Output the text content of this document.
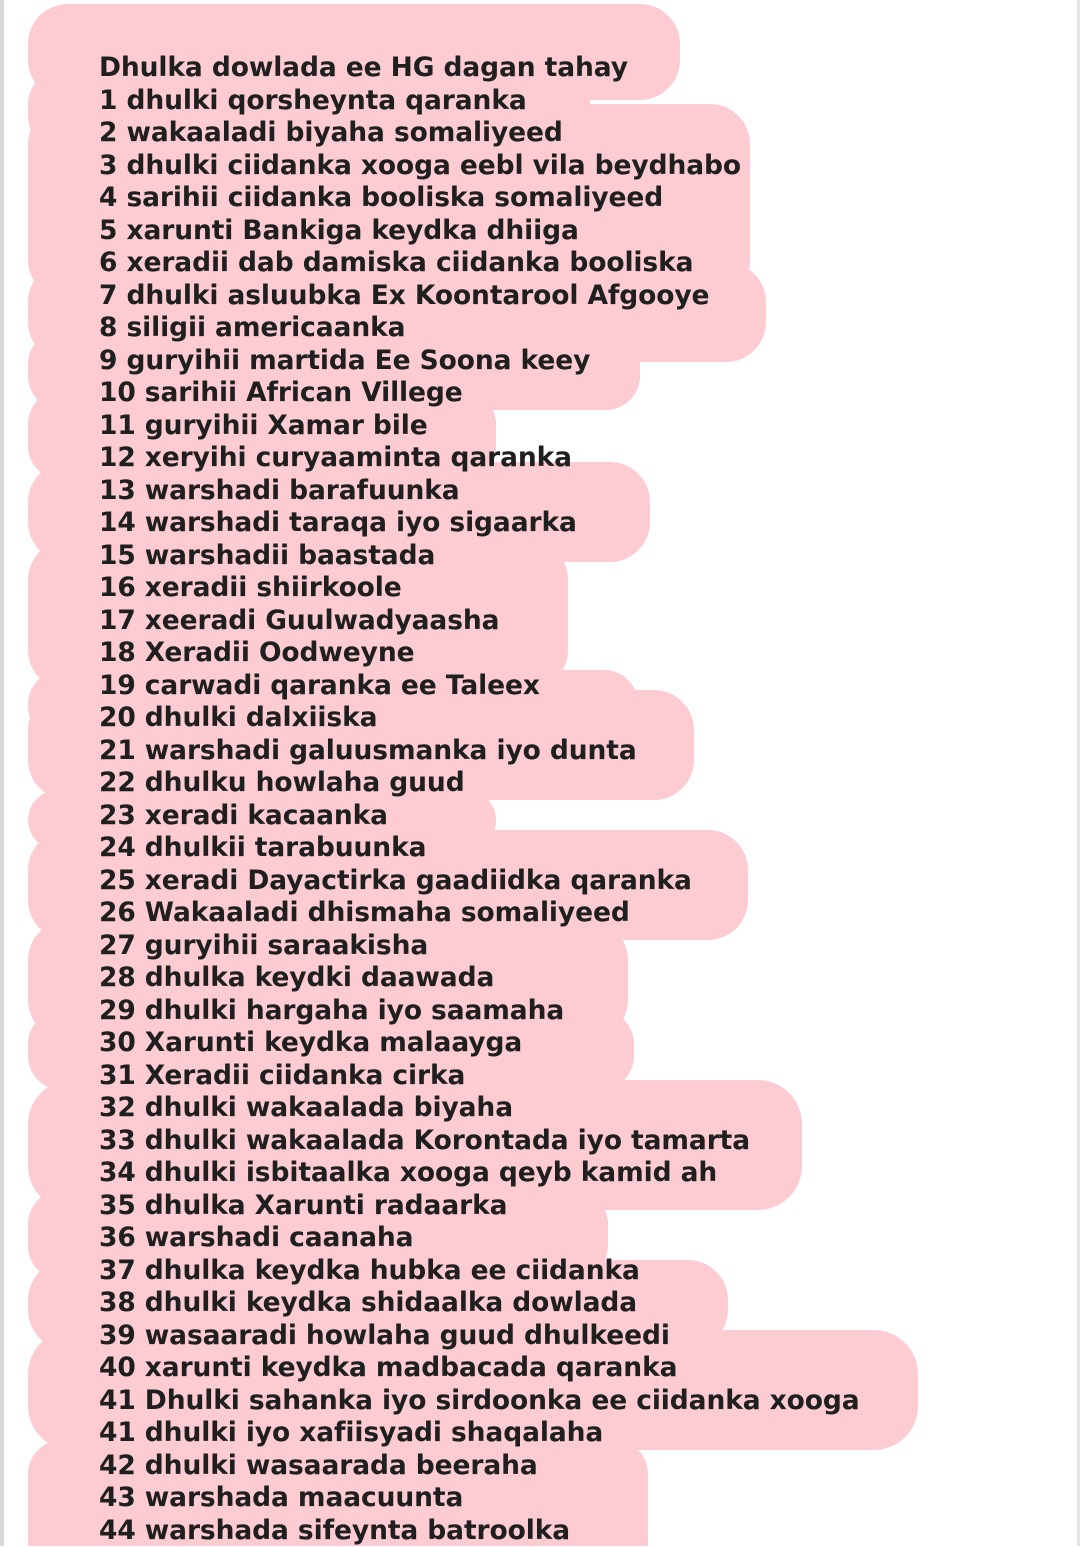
Dhulka dowlada ee HG dagan tahay
1 dhulki qorsheynta qaranka
2 wakaaladi biyaha somaliyeed
3 dhulki ciidanka xooga eebl vila beydhabo
4 sarihii ciidanka booliska somaliyeed
5 xarunti Bankiga keydka dhiiga
6 xeradii dab damiska ciidanka booliska
7 dhulki asluubka Ex Koontarool Afgooye
8 siligii americaanka
9 guryihii martida Ee Soona keey
10 sarihii African Villege
11 guryihii Xamar bile
12 xeryihi curyaaminta qaranka
13 warshadi barafuunka
14 warshadi taraqa iyo sigaarka
15 warshadii baastada
16 xeradii shiirkoole
17 xeeradi Guulwadyaasha
18 Xeradii Oodweyne
19 carwadi qaranka ee Taleex
20 dhulki dalxiiska
21 warshadi galuusmanka iyo dunta
22 dhulku howlaha guud
23 xeradi kacaanka
24 dhulkii tarabuunka
25 xeradi Dayactirka gaadiidka qaranka
26 Wakaaladi dhismaha somaliyeed
27 guryihii saraakisha
28 dhulka keydki daawada
29 dhulki hargaha iyo saamaha
30 Xarunti keydka malaayga
31 Xeradii ciidanka cirka
32 dhulki wakaalada biyaha
33 dhulki wakaalada Korontada iyo tamarta
34 dhulki isbitaalka xooga qeyb kamid ah
35 dhulka Xarunti radaarka
36 warshadi caanaha
37 dhulka keydka hubka ee ciidanka
38 dhulki keydka shidaalka dowlada
39 wasaaradi howlaha guud dhulkeedi
40 xarunti keydka madbacada qaranka
41 Dhulki sahanka iyo sirdoonka ee ciidanka xooga
41 dhulki iyo xafiisyadi shaqalaha
42 dhulki wasaarada beeraha
43 warshada maacuunta
44 warshada sifeynta batroolka
